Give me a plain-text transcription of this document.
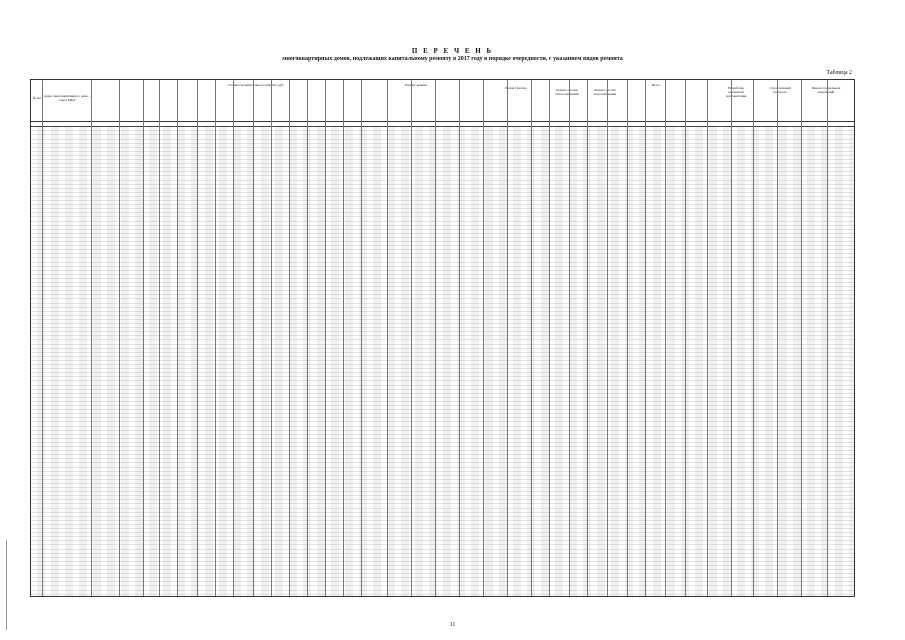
П Е Р Е Ч Е Н Ь
многоквартирных домов, подлежащих капитальному ремонту в 2017 году в порядке очередности, с указанием видов ремонта
Таблица 2
№ п/п Адрес многоквартирного дома – город МКД
Стоимость капитального ремонта, руб.	Ремонт крыши
Ремонт фасада	Ремонт систем теплоснабжения
Ремонт систем водоснабжения
Итого
Разработка проектной документации
Строительный контроль
Ремонт подвальных помещений
11
